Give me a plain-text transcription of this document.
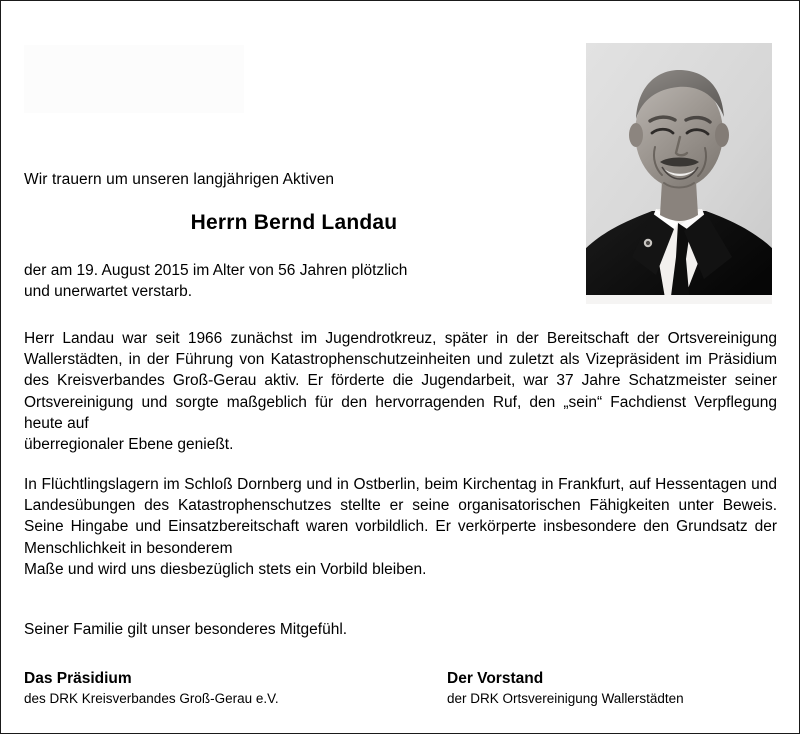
Wir trauern um unseren langjährigen Aktiven
Herrn Bernd Landau
der am 19. August 2015 im Alter von 56 Jahren plötzlich
und unerwartet verstarb.
Herr Landau war seit 1966 zunächst im Jugendrotkreuz, später in der Bereitschaft der Ortsvereinigung Wallerstädten, in der Führung von Katastrophenschutzeinheiten und zuletzt als Vizepräsident im Präsidium des Kreisverbandes Groß-Gerau aktiv. Er förderte die Jugendarbeit, war 37 Jahre Schatzmeister seiner Ortsvereinigung und sorgte maßgeblich für den hervorragenden Ruf, den „sein“ Fachdienst Verpflegung heute auf
überregionaler Ebene genießt.
In Flüchtlingslagern im Schloß Dornberg und in Ostberlin, beim Kirchentag in Frankfurt, auf Hessentagen und Landesübungen des Katastrophenschutzes stellte er seine organisatorischen Fähigkeiten unter Beweis. Seine Hingabe und Einsatzbereitschaft waren vorbildlich. Er verkörperte insbesondere den Grundsatz der Menschlichkeit in besonderem
Maße und wird uns diesbezüglich stets ein Vorbild bleiben.
Seiner Familie gilt unser besonderes Mitgefühl.
Das Präsidium
des DRK Kreisverbandes Groß-Gerau e.V.
Der Vorstand
der DRK Ortsvereinigung Wallerstädten
